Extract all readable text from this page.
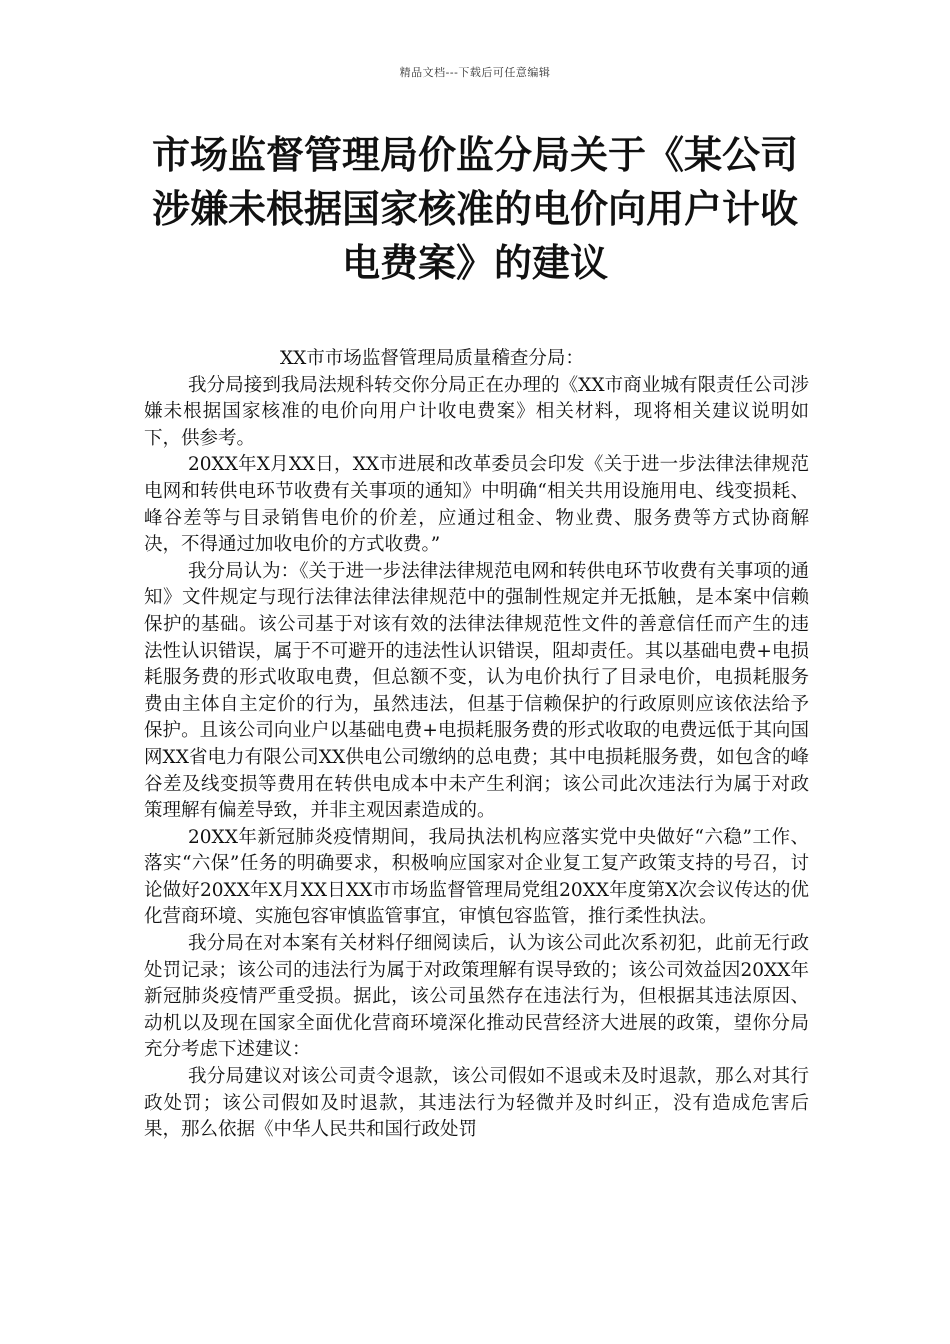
精品文档---下载后可任意编辑
市场监督管理局价监分局关于《某公司
涉嫌未根据国家核准的电价向用户计收
电费案》的建议

XX市市场监督管理局质量稽查分局：

我分局接到我局法规科转交你分局正在办理的《XX市商业城有限责任公司涉嫌未根据国家核准的电价向用户计收电费案》相关材料，现将相关建议说明如下，供参考。

20XX年X月XX日，XX市进展和改革委员会印发《关于进一步法律法律规范电网和转供电环节收费有关事项的通知》中明确“相关共用设施用电、线变损耗、峰谷差等与目录销售电价的价差，应通过租金、物业费、服务费等方式协商解决，不得通过加收电价的方式收费。”

我分局认为：《关于进一步法律法律规范电网和转供电环节收费有关事项的通知》文件规定与现行法律法律法律规范中的强制性规定并无抵触，是本案中信赖保护的基础。该公司基于对该有效的法律法律规范性文件的善意信任而产生的违法性认识错误，属于不可避开的违法性认识错误，阻却责任。其以基础电费+电损耗服务费的形式收取电费，但总额不变，认为电价执行了目录电价，电损耗服务费由主体自主定价的行为，虽然违法，但基于信赖保护的行政原则应该依法给予保护。且该公司向业户以基础电费+电损耗服务费的形式收取的电费远低于其向国网XX省电力有限公司XX供电公司缴纳的总电费；其中电损耗服务费，如包含的峰谷差及线变损等费用在转供电成本中未产生利润；该公司此次违法行为属于对政策理解有偏差导致，并非主观因素造成的。

20XX年新冠肺炎疫情期间，我局执法机构应落实党中央做好“六稳”工作、落实“六保”任务的明确要求，积极响应国家对企业复工复产政策支持的号召，讨论做好20XX年X月XX日XX市市场监督管理局党组20XX年度第X次会议传达的优化营商环境、实施包容审慎监管事宜，审慎包容监管，推行柔性执法。

我分局在对本案有关材料仔细阅读后，认为该公司此次系初犯，此前无行政处罚记录；该公司的违法行为属于对政策理解有误导致的；该公司效益因20XX年新冠肺炎疫情严重受损。据此，该公司虽然存在违法行为，但根据其违法原因、动机以及现在国家全面优化营商环境深化推动民营经济大进展的政策，望你分局充分考虑下述建议：

我分局建议对该公司责令退款，该公司假如不退或未及时退款，那么对其行政处罚；该公司假如及时退款，其违法行为轻微并及时纠正，没有造成危害后果，那么依据《中华人民共和国行政处罚
